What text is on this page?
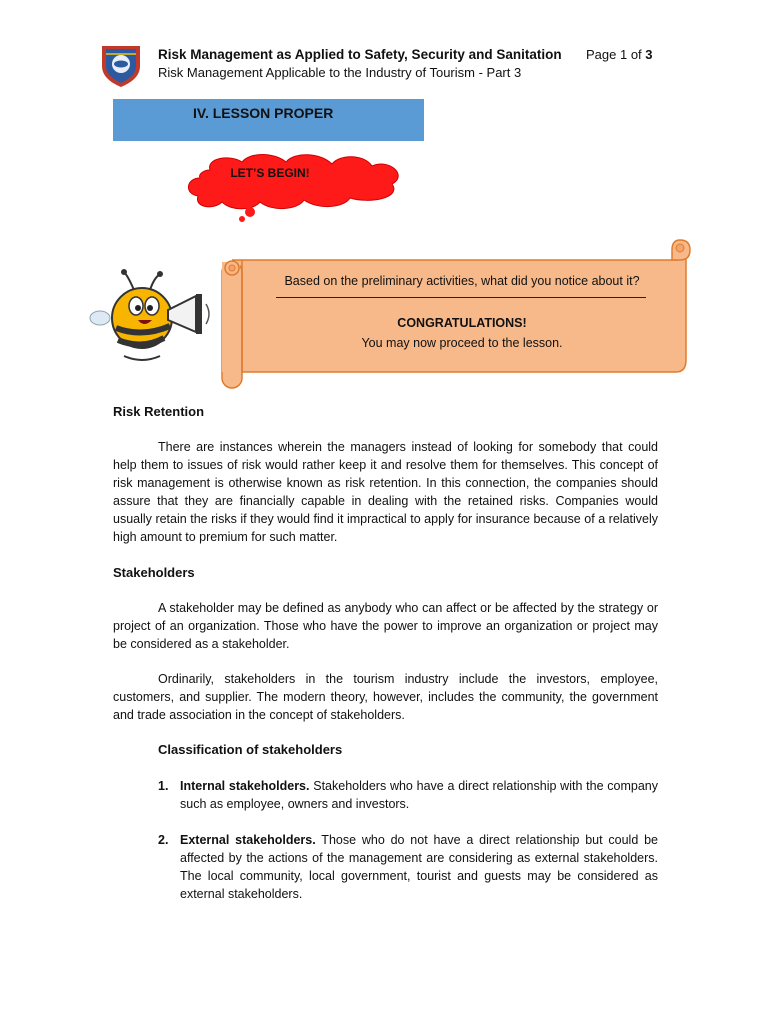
Risk Management as Applied to Safety, Security and Sanitation
Risk Management Applicable to the Industry of Tourism - Part 3
Page 1 of 3
IV. LESSON PROPER
LET’S BEGIN!
Based on the preliminary activities, what did you notice about it?
CONGRATULATIONS!
You may now proceed to the lesson.
Risk Retention
There are instances wherein the managers instead of looking for somebody that could help them to issues of risk would rather keep it and resolve them for themselves. This concept of risk management is otherwise known as risk retention. In this connection, the companies should assure that they are financially capable in dealing with the retained risks. Companies would usually retain the risks if they would find it impractical to apply for insurance because of a relatively high amount to premium for such matter.
Stakeholders
A stakeholder may be defined as anybody who can affect or be affected by the strategy or project of an organization. Those who have the power to improve an organization or project may be considered as a stakeholder.
Ordinarily, stakeholders in the tourism industry include the investors, employee, customers, and supplier. The modern theory, however, includes the community, the government and trade association in the concept of stakeholders.
Classification of stakeholders
1. Internal stakeholders. Stakeholders who have a direct relationship with the company such as employee, owners and investors.
2. External stakeholders. Those who do not have a direct relationship but could be affected by the actions of the management are considering as external stakeholders. The local community, local government, tourist and guests may be considered as external stakeholders.
